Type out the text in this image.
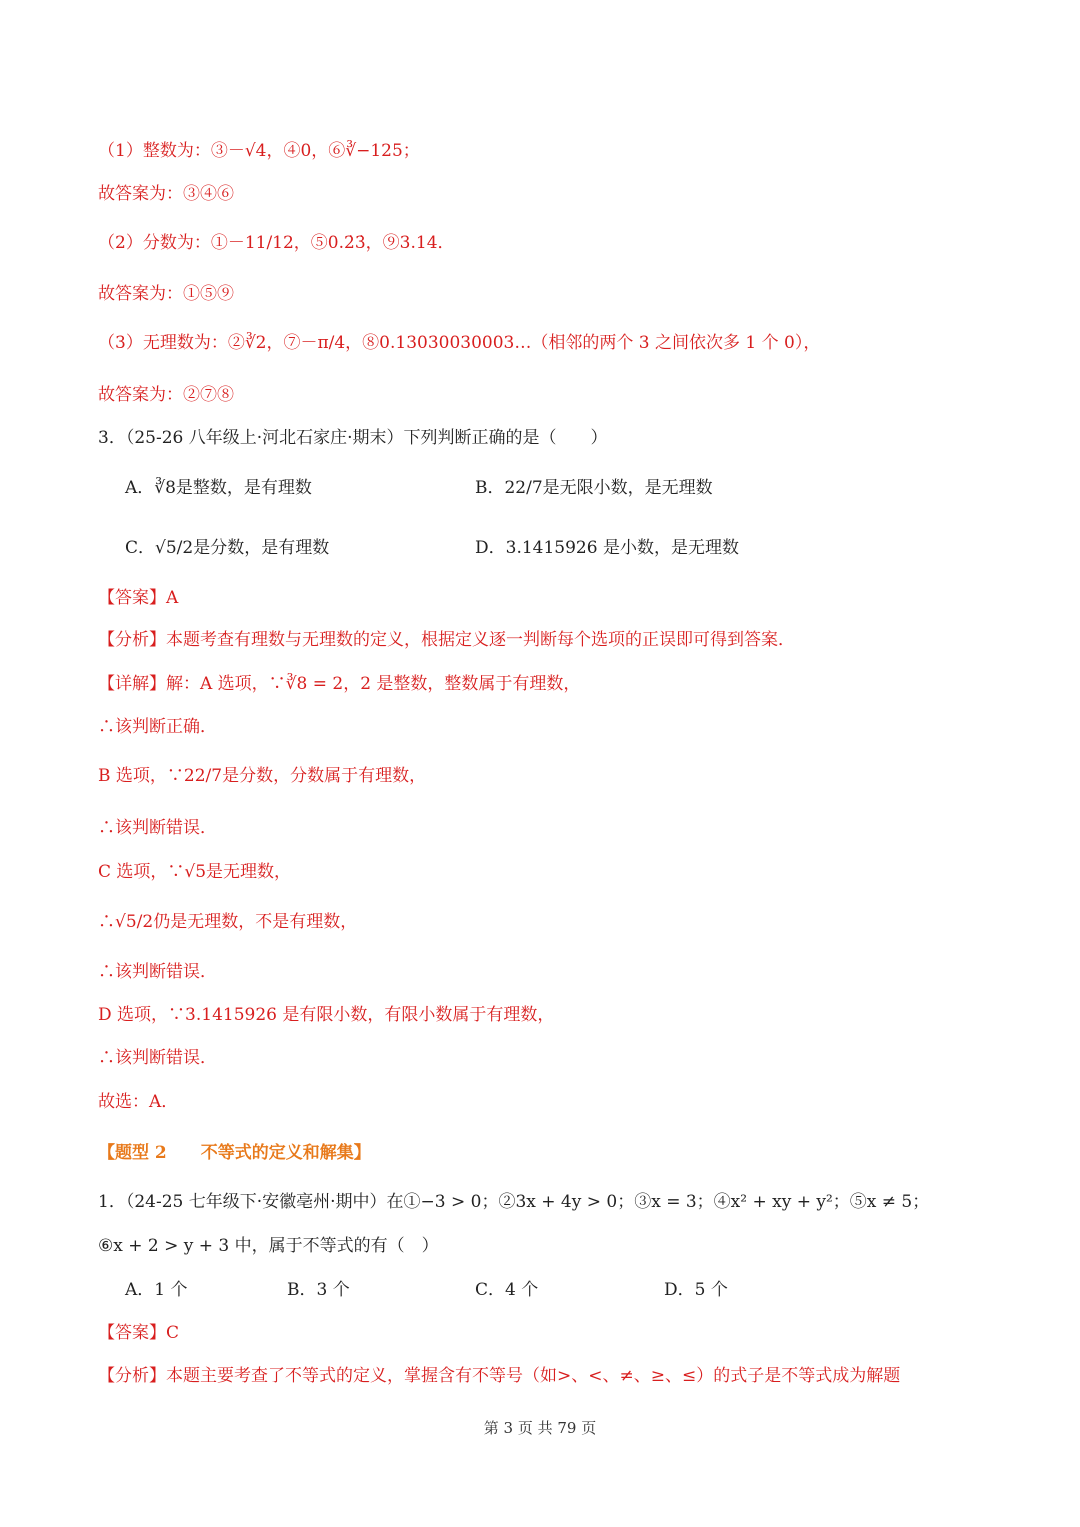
（1）整数为：③－√4，④0，⑥∛−125；
故答案为：③④⑥
（2）分数为：①－11/12，⑤0.2̇3̇，⑨3.14．
故答案为：①⑤⑨
（3）无理数为：②∛2，⑦－π/4，⑧0.13030030003…（相邻的两个 3 之间依次多 1 个 0），
故答案为：②⑦⑧
3．（25-26 八年级上·河北石家庄·期末）下列判断正确的是（　　）
A．∛8是整数，是有理数	B．22/7是无限小数，是无理数
C．√5/2是分数，是有理数	D．3.1415926 是小数，是无理数
【答案】A
【分析】本题考查有理数与无理数的定义，根据定义逐一判断每个选项的正误即可得到答案．
【详解】解：A 选项，∵∛8 = 2，2 是整数，整数属于有理数，
∴该判断正确．
B 选项，∵22/7是分数，分数属于有理数，
∴该判断错误．
C 选项，∵√5是无理数，
∴√5/2仍是无理数，不是有理数，
∴该判断错误．
D 选项，∵3.1415926 是有限小数，有限小数属于有理数，
∴该判断错误．
故选：A．
【题型 2　　不等式的定义和解集】
1．（24-25 七年级下·安徽亳州·期中）在①−3 > 0；②3x + 4y > 0；③x = 3；④x² + xy + y²；⑤x ≠ 5；
⑥x + 2 > y + 3 中，属于不等式的有（　）
A．1 个	B．3 个	C．4 个	D．5 个
【答案】C
【分析】本题主要考查了不等式的定义，掌握含有不等号（如>、<、≠、≥、≤）的式子是不等式成为解题
第 3 页 共 79 页
